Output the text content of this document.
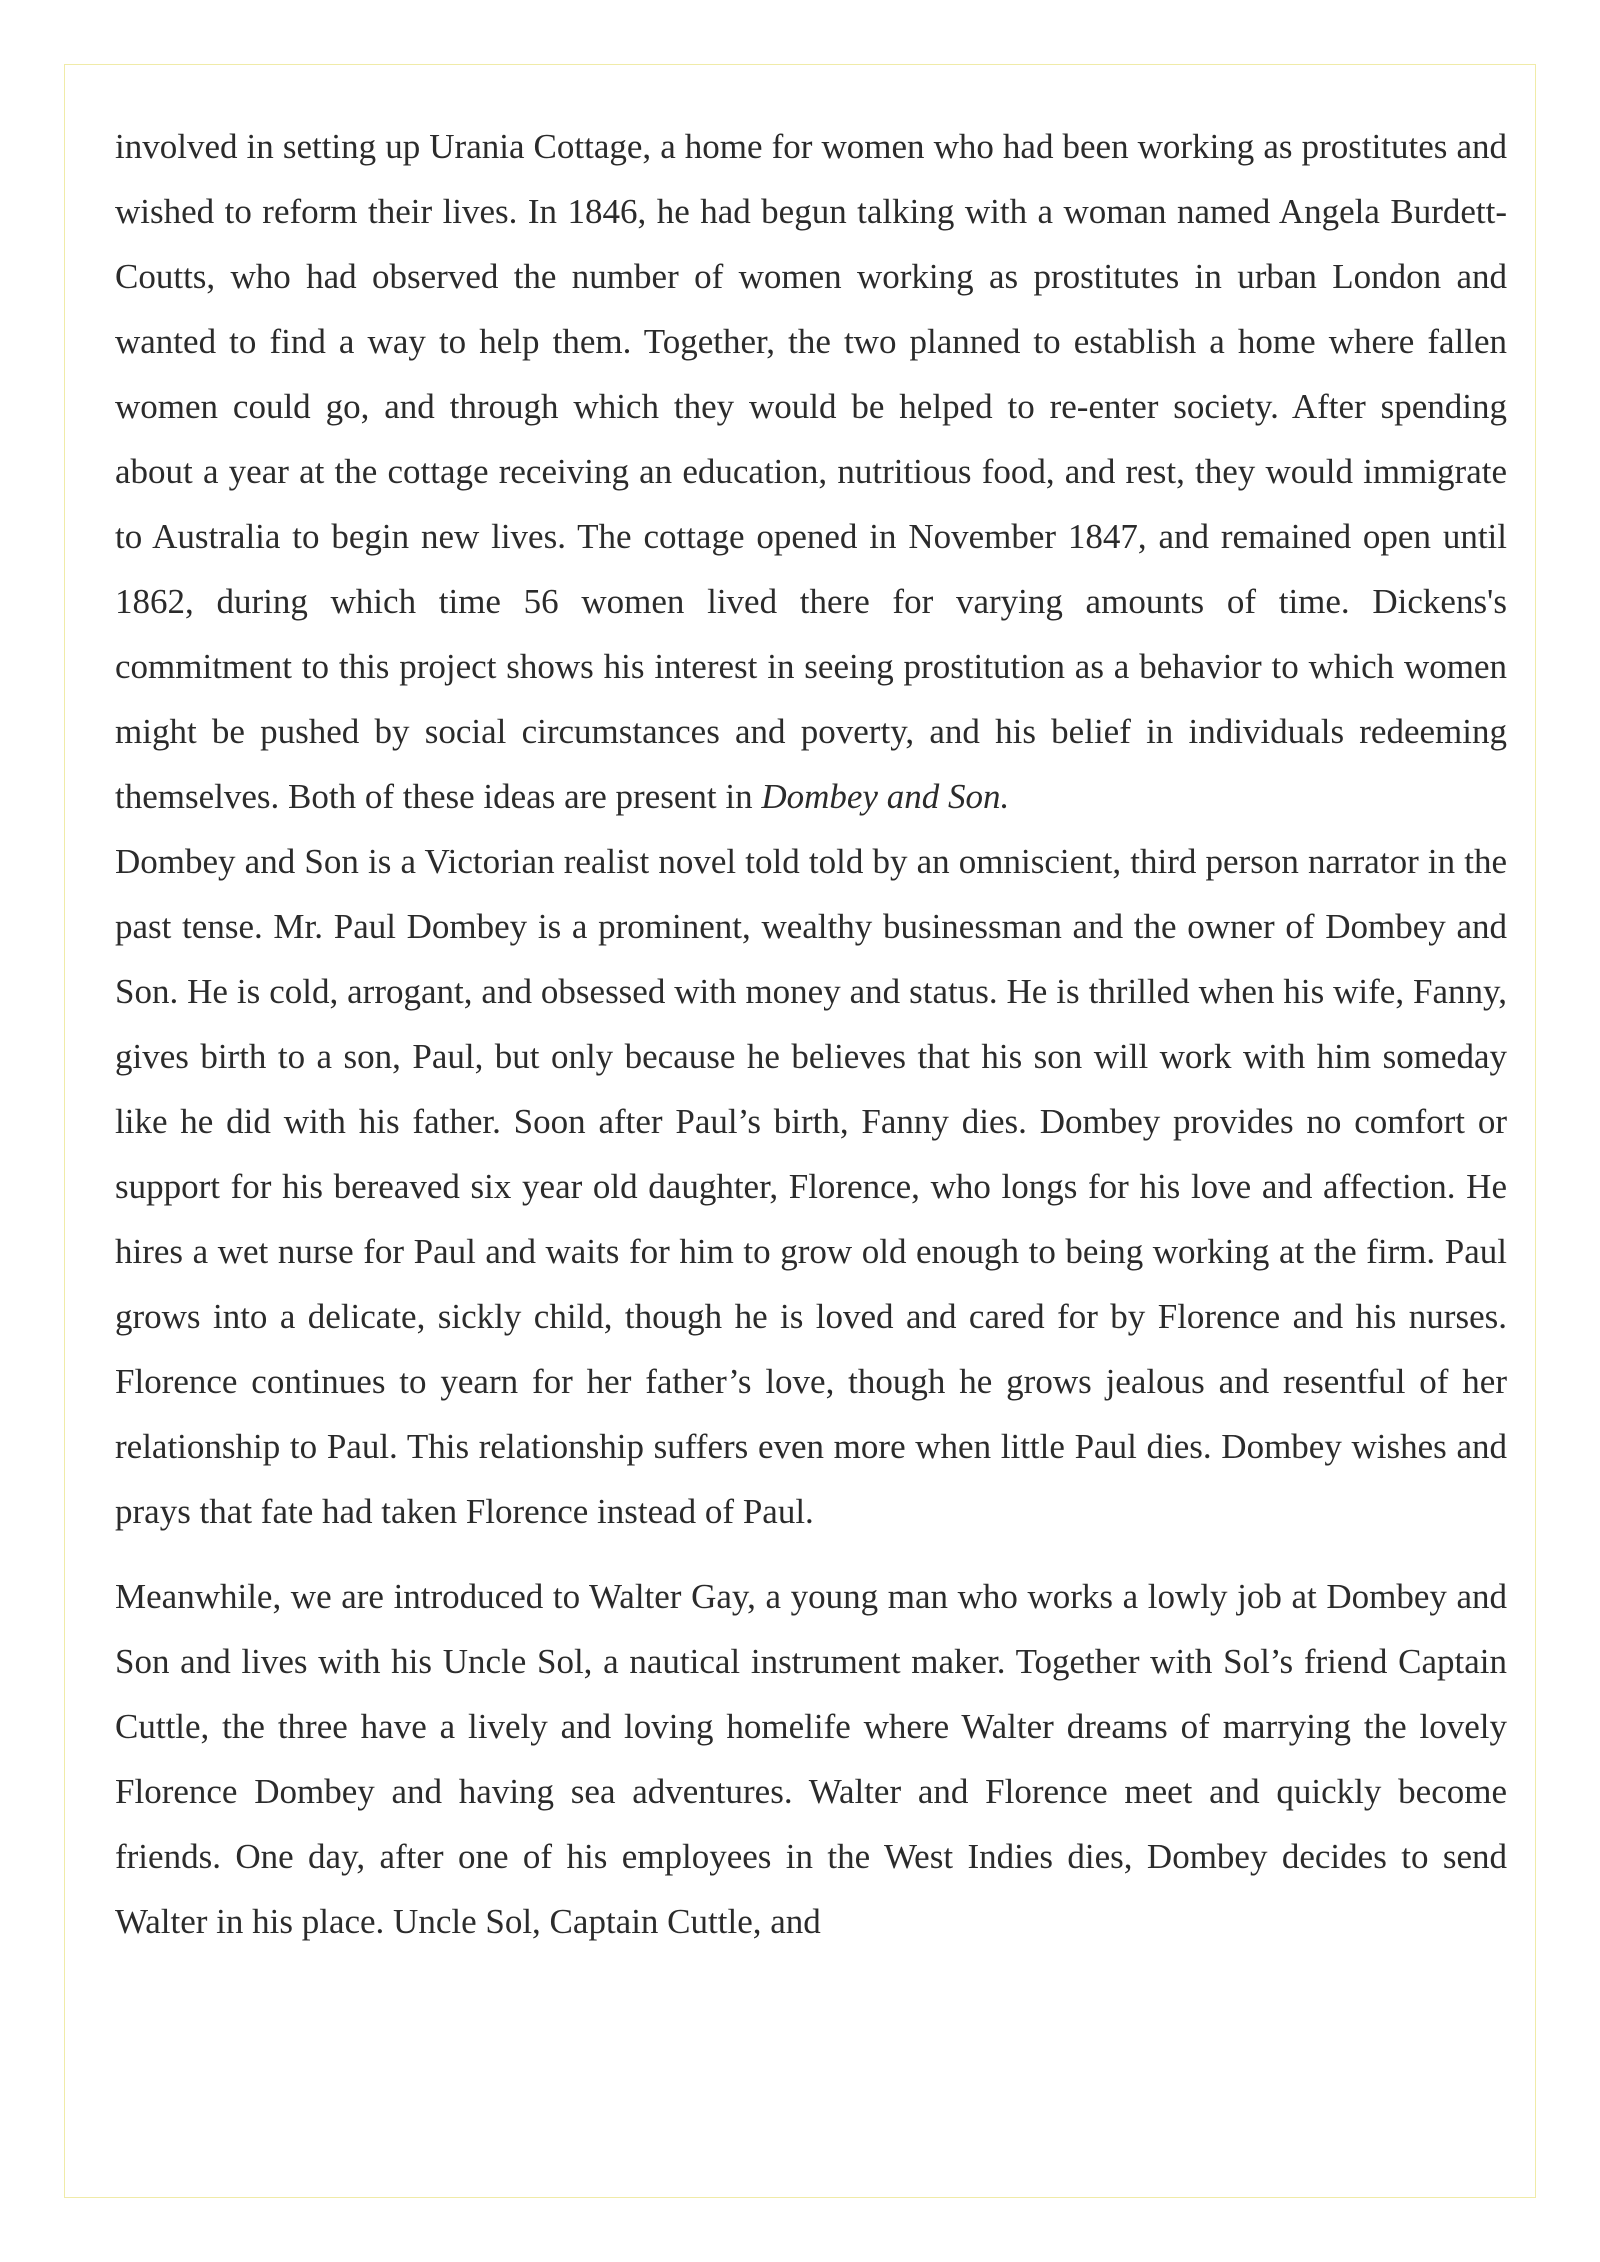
involved in setting up Urania Cottage, a home for women who had been working as prostitutes and wished to reform their lives. In 1846, he had begun talking with a woman named Angela Burdett-Coutts, who had observed the number of women working as prostitutes in urban London and wanted to find a way to help them. Together, the two planned to establish a home where fallen women could go, and through which they would be helped to re-enter society. After spending about a year at the cottage receiving an education, nutritious food, and rest, they would immigrate to Australia to begin new lives. The cottage opened in November 1847, and remained open until 1862, during which time 56 women lived there for varying amounts of time. Dickens's commitment to this project shows his interest in seeing prostitution as a behavior to which women might be pushed by social circumstances and poverty, and his belief in individuals redeeming themselves. Both of these ideas are present in Dombey and Son.

Dombey and Son is a Victorian realist novel told told by an omniscient, third person narrator in the past tense. Mr. Paul Dombey is a prominent, wealthy businessman and the owner of Dombey and Son. He is cold, arrogant, and obsessed with money and status. He is thrilled when his wife, Fanny, gives birth to a son, Paul, but only because he believes that his son will work with him someday like he did with his father. Soon after Paul’s birth, Fanny dies. Dombey provides no comfort or support for his bereaved six year old daughter, Florence, who longs for his love and affection. He hires a wet nurse for Paul and waits for him to grow old enough to being working at the firm. Paul grows into a delicate, sickly child, though he is loved and cared for by Florence and his nurses. Florence continues to yearn for her father’s love, though he grows jealous and resentful of her relationship to Paul. This relationship suffers even more when little Paul dies. Dombey wishes and prays that fate had taken Florence instead of Paul.

Meanwhile, we are introduced to Walter Gay, a young man who works a lowly job at Dombey and Son and lives with his Uncle Sol, a nautical instrument maker. Together with Sol’s friend Captain Cuttle, the three have a lively and loving homelife where Walter dreams of marrying the lovely Florence Dombey and having sea adventures. Walter and Florence meet and quickly become friends. One day, after one of his employees in the West Indies dies, Dombey decides to send Walter in his place. Uncle Sol, Captain Cuttle, and
